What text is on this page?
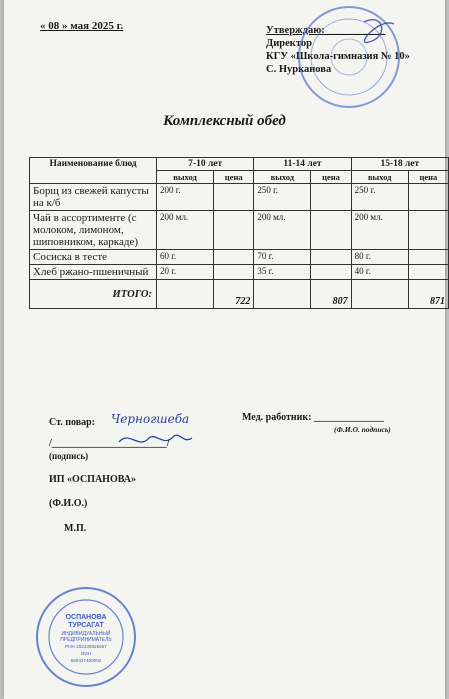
« 08 » мая 2025 г.	Утверждаю: ___________
Директор
КГУ «Школа-гимназия № 10»
С. Нурканова
Комплексный обед
Наименование блюд	7-10 лет		11-14 лет		15-18 лет	
	выход	цена	выход	цена	выход	цена
Борщ из свежей капусты на к/б	200 г.		250 г.		250 г.	
Чай в ассортименте (с молоком, лимоном, шиповником, каркаде)	200 мл.		200 мл.		200 мл.	
Сосиска в тесте	60 г.		70 г.		80 г.	
Хлеб ржано-пшеничный	20 г.		35 г.		40 г.	
ИТОГО:		722		807		871
Ст. повар: Черногшеба	Мед. работник: ______________
(Ф.И.О. подпись)
/_______________________/
(подпись)
ИП «ОСПАНОВА»
(Ф.И.О.)
М.П.
ОСПАНОВА
ТУРСАГАТ
ИНДИВИДУАЛЬНЫЙ
ПРЕДПРИНИМАТЕЛЬ
РНН 182430825657
ИИН
560427400092
